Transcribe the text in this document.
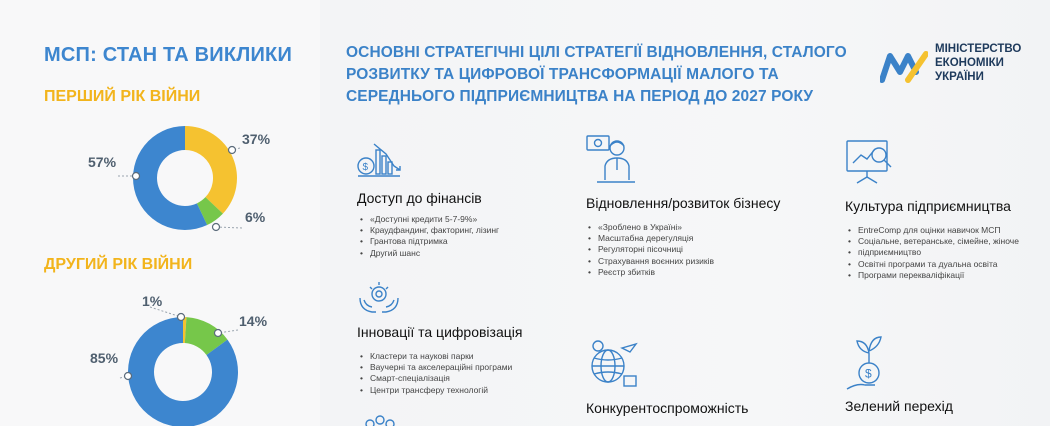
МСП: СТАН ТА ВИКЛИКИ
ПЕРШИЙ РІК ВІЙНИ
ДРУГИЙ РІК ВІЙНИ
57%
37%
6%
85%
14%
1%
ОСНОВНІ СТРАТЕГІЧНІ ЦІЛІ СТРАТЕГІЇ ВІДНОВЛЕННЯ, СТАЛОГО
РОЗВИТКУ ТА ЦИФРОВОЇ ТРАНСФОРМАЦІЇ МАЛОГО ТА
СЕРЕДНЬОГО ПІДПРИЄМНИЦТВА НА ПЕРІОД ДО 2027 РОКУ
МІНІСТЕРСТВО
ЕКОНОМІКИ
УКРАЇНИ
$
Доступ до фінансів
• «Доступні кредити 5-7-9%»
• Краудфандинг, факторинг, лізинг
• Грантова підтримка
• Другий шанс
Інновації та цифровізація
• Кластери та наукові парки
• Ваучерні та акселераційні програми
• Смарт-спеціалізація
• Центри трансферу технологій
Відновлення/розвиток бізнесу
• «Зроблено в Україні»
• Масштабна дерегуляція
• Регуляторні пісочниці
• Страхування воєнних ризиків
• Реєстр збитків
Конкурентоспроможність
Культура підприємництва
• EntreComp для оцінки навичок МСП
• Соціальне, ветеранське, сімейне, жіноче
• підприємництво
• Освітні програми та дуальна освіта
• Програми перекваліфікації
$
Зелений перехід
